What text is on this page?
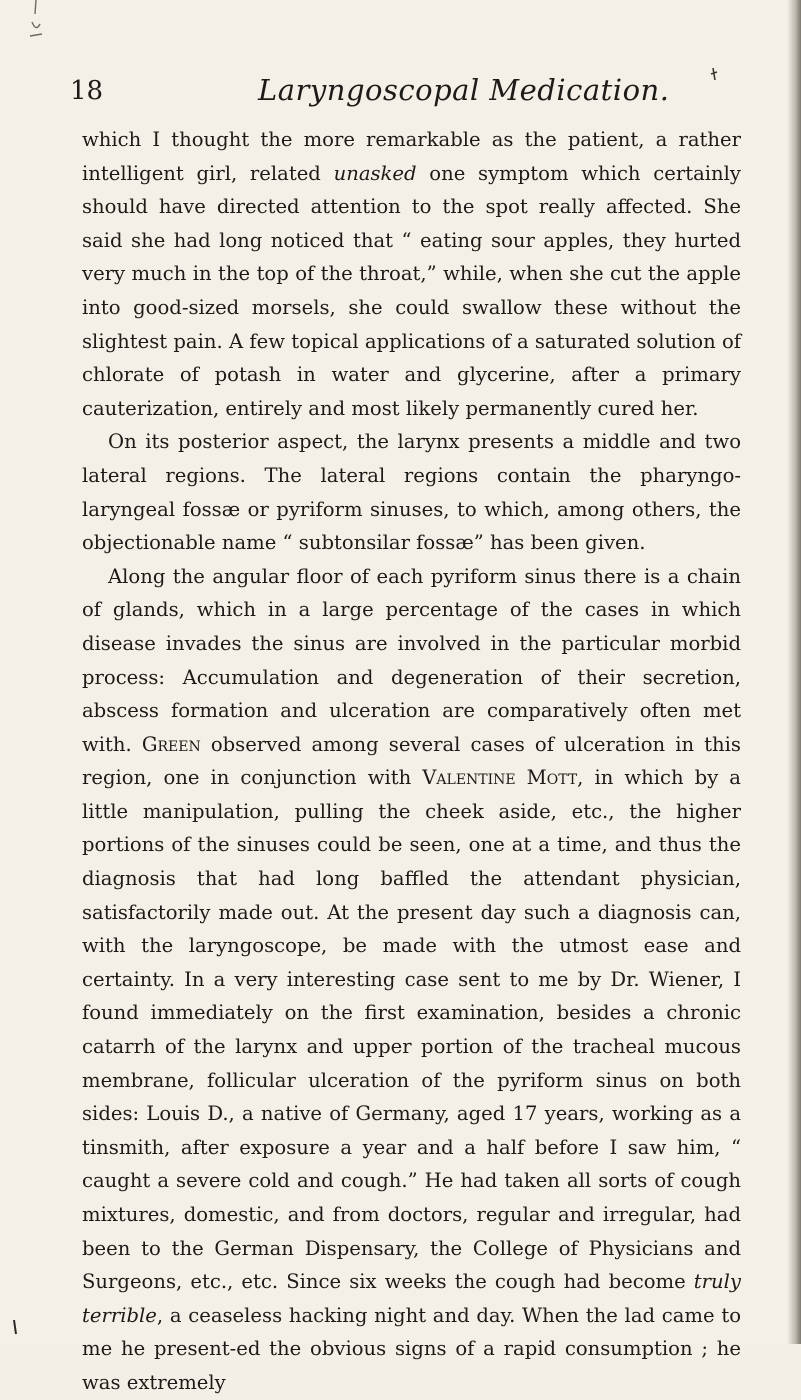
18	Laryngoscopal Medication.

which I thought the more remarkable as the patient, a rather intelligent girl, related unasked one symptom which certainly should have directed attention to the spot really affected. She said she had long noticed that “ eating sour apples, they hurted very much in the top of the throat,” while, when she cut the apple into good-sized morsels, she could swallow these without the slightest pain. A few topical applications of a saturated solution of chlorate of potash in water and glycerine, after a primary cauterization, entirely and most likely permanently cured her.

On its posterior aspect, the larynx presents a middle and two lateral regions. The lateral regions contain the pharyngo-laryngeal fossæ or pyriform sinuses, to which, among others, the objectionable name “ subtonsilar fossæ” has been given.

Along the angular floor of each pyriform sinus there is a chain of glands, which in a large percentage of the cases in which disease invades the sinus are involved in the particular morbid process: Accumulation and degeneration of their secretion, abscess formation and ulceration are comparatively often met with. Green observed among several cases of ulceration in this region, one in conjunction with Valentine Mott, in which by a little manipulation, pulling the cheek aside, etc., the higher portions of the sinuses could be seen, one at a time, and thus the diagnosis that had long baffled the attendant physician, satisfactorily made out. At the present day such a diagnosis can, with the laryngoscope, be made with the utmost ease and certainty. In a very interesting case sent to me by Dr. Wiener, I found immediately on the first examination, besides a chronic catarrh of the larynx and upper portion of the tracheal mucous membrane, follicular ulceration of the pyriform sinus on both sides: Louis D., a native of Germany, aged 17 years, working as a tinsmith, after exposure a year and a half before I saw him, “ caught a severe cold and cough.” He had taken all sorts of cough mixtures, domestic, and from doctors, regular and irregular, had been to the German Dispensary, the College of Physicians and Surgeons, etc., etc. Since six weeks the cough had become truly terrible, a ceaseless hacking night and day. When the lad came to me he present-ed the obvious signs of a rapid consumption ; he was extremely
